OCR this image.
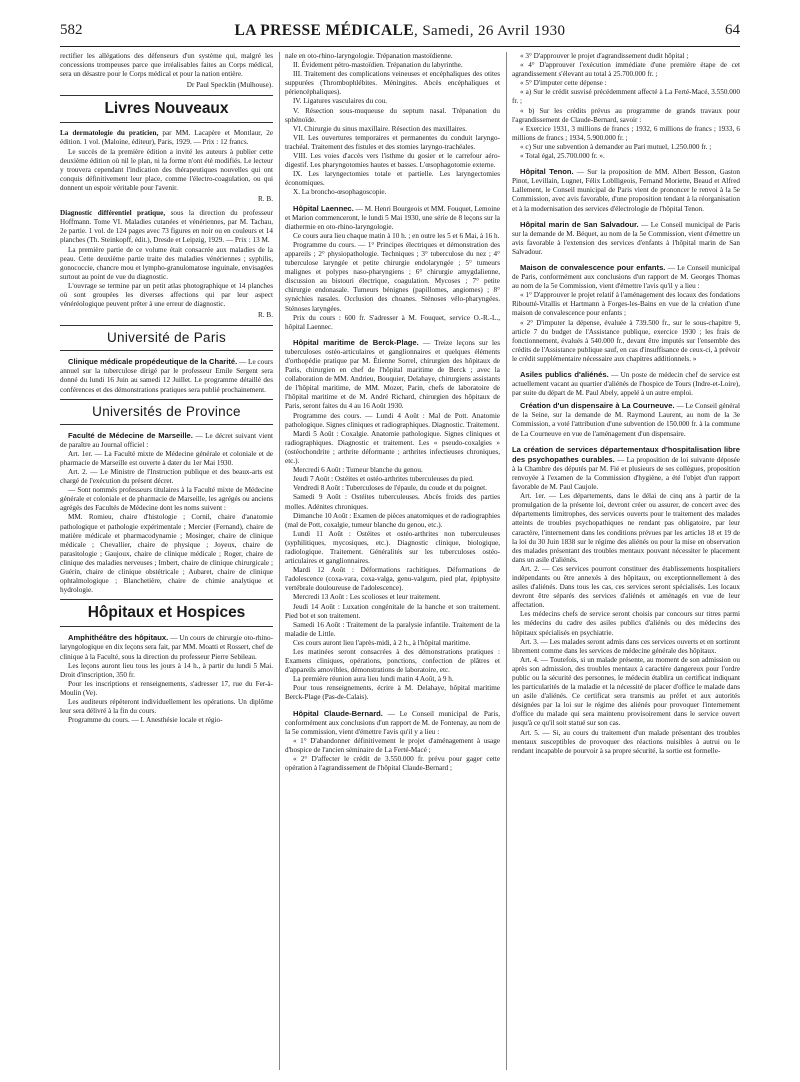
582	LA PRESSE MÉDICALE, Samedi, 26 Avril 1930	64

rectifier les allégations des défenseurs d'un système qui, malgré les concessions trompeuses parce que irréalisables faites au Corps médical, sera un désastre pour le Corps médical et pour la nation entière.

Dr Paul Specklin (Mulhouse).

Livres Nouveaux

La dermatologie du praticien, par MM. Lacapère et Montlaur, 2e édition. 1 vol. (Maloine, éditeur), Paris, 1929. — Prix : 12 francs.

Le succès de la première édition a invité les auteurs à publier cette deuxième édition où nil le plan, ni la forme n'ont été modifiés. Le lecteur y trouvera cependant l'indication des thérapeutiques nouvelles qui ont conquis définitivement leur place, comme l'électro-coagulation, ou qui donnent un espoir véritable pour l'avenir.

R. B.

Diagnostic différentiel pratique, sous la direction du professeur Hoffmann. Tome VI. Maladies cutanées et vénériennes, par M. Tachau, 2e partie. 1 vol. de 124 pages avec 73 figures en noir ou en couleurs et 14 planches (Th. Steinkopff, édit.), Dresde et Leipzig, 1929. — Prix : 13 M.

La première partie de ce volume était consacrée aux maladies de la peau. Cette deuxième partie traite des maladies vénériennes ; syphilis, gonococcie, chancre mou et lympho-granulomatose inguinale, envisagées surtout au point de vue du diagnostic.

L'ouvrage se termine par un petit atlas photographique et 14 planches où sont groupées les diverses affections qui par leur aspect vénéréologique peuvent prêter à une erreur de diagnostic.

R. B.

Université de Paris

Clinique médicale propédeutique de la Charité. — Le cours annuel sur la tuberculose dirigé par le professeur Emile Sergent sera donné du lundi 16 Juin au samedi 12 Juillet. Le programme détaillé des conférences et des démonstrations pratiques sera publié prochainement.

Universités de Province

Faculté de Médecine de Marseille. — Le décret suivant vient de paraître au Journal officiel :

Art. 1er. — La Faculté mixte de Médecine générale et coloniale et de pharmacie de Marseille est ouverte à dater du 1er Mai 1930.

Art. 2. — Le Ministre de l'Instruction publique et des beaux-arts est chargé de l'exécution du présent décret.

— Sont nommés professeurs titulaires à la Faculté mixte de Médecine générale et coloniale et de pharmacie de Marseille, les agrégés ou anciens agrégés des Facultés de Médecine dont les noms suivent :

MM. Romieu, chaire d'histologie ; Cornil, chaire d'anatomie pathologique et pathologie expérimentale ; Mercier (Fernand), chaire de matière médicale et pharmacodynamie ; Mosinger, chaire de clinique médicale ; Chevallier, chaire de physique ; Joyeux, chaire de parasitologie ; Gaujoux, chaire de clinique médicale ; Roger, chaire de clinique des maladies nerveuses ; Imbert, chaire de clinique chirurgicale ; Guérin, chaire de clinique obstétricale ; Aubaret, chaire de clinique ophtalmologique ; Blanchetière, chaire de chimie analytique et hydrologie.

Hôpitaux et Hospices

Amphithéâtre des hôpitaux. — Un cours de chirurgie oto-rhino-laryngologique en dix leçons sera fait, par MM. Moatti et Rossert, chef de clinique à la Faculté, sous la direction du professeur Pierre Sebileau.

Les leçons auront lieu tous les jours à 14 h., à partir du lundi 5 Mai. Droit d'inscription, 350 fr.

Pour les inscriptions et renseignements, s'adresser 17, rue du Fer-à-Moulin (Ve).

Les auditeurs répèteront individuellement les opérations. Un diplôme leur sera délivré à la fin du cours.

Programme du cours. — I. Anesthésie locale et régio-

nale en oto-rhino-laryngologie. Trépanation mastoïdienne.

II. Évidement pétro-mastoïdien. Trépanation du labyrinthe.

III. Traitement des complications veineuses et encéphaliques des otites suppurées (Thrombophlébites. Méningites. Abcès encéphaliques et périencéphaliques).

IV. Ligatures vasculaires du cou.

V. Résection sous-muqueuse du septum nasal. Trépanation du sphénoïde.

VI. Chirurgie du sinus maxillaire. Résection des maxillaires.

VII. Les ouvertures temporaires et permanentes du conduit laryngo-trachéal. Traitement des fistules et des stomies laryngo-trachéales.

VIII. Les voies d'accès vers l'isthme du gosier et le carrefour aéro-digestif. Les pharyngotomies hautes et basses. L'œsophagotomie externe.

IX. Les laryngectomies totale et partielle. Les laryngectomies économiques.

X. La broncho-œsophagoscopie.

Hôpital Laennec. — M. Henri Bourgeois et MM. Fouquet, Lemoine et Marion commenceront, le lundi 5 Mai 1930, une série de 8 leçons sur la diathermie en oto-rhino-laryngologie.

Ce cours aura lieu chaque matin à 10 h. ; en outre les 5 et 6 Mai, à 16 h.

Programme du cours. — 1° Principes électriques et démonstration des appareils ; 2° physiopathologie. Techniques ; 3° tuberculose du nez ; 4° tuberculose laryngée et petite chirurgie endolaryngée ; 5° tumeurs malignes et polypes naso-pharyngiens ; 6° chirurgie amygdalienne, discussion au bistouri électrique, coagulation. Mycoses ; 7° petite chirurgie endonasale. Tumeurs bénignes (papillomes, angiomes) ; 8° synéchies nasales. Occlusion des choanes. Sténoses vélo-pharyngées. Sténoses laryngées.

Prix du cours : 600 fr. S'adresser à M. Fouquet, service O.-R.-L., hôpital Laennec.

Hôpital maritime de Berck-Plage. — Treize leçons sur les tuberculoses ostéo-articulaires et ganglionnaires et quelques éléments d'orthopédie pratique par M. Étienne Sorrel, chirurgien des hôpitaux de Paris, chirurgien en chef de l'hôpital maritime de Berck ; avec la collaboration de MM. Andrieu, Bouquier, Delahaye, chirurgiens assistants de l'hôpital maritime, de MM. Mozer, Parin, chefs de laboratoire de l'hôpital maritime et de M. André Richard, chirurgien des hôpitaux de Paris, seront faites du 4 au 16 Août 1930.

Programme des cours. — Lundi 4 Août : Mal de Pott. Anatomie pathologique. Signes cliniques et radiographiques. Diagnostic. Traitement.

Mardi 5 Août : Coxalgie. Anatomie pathologique. Signes cliniques et radiographiques. Diagnostic et traitement. Les « pseudo-coxalgies » (ostéochondrite ; arthrite déformante ; arthrites infectieuses chroniques, etc.).

Mercredi 6 Août : Tumeur blanche du genou.

Jeudi 7 Août : Ostéites et ostéo-arthrites tuberculeuses du pied.

Vendredi 8 Août : Tuberculoses de l'épaule, du coude et du poignet.

Samedi 9 Août : Ostéites tuberculeuses. Abcès froids des parties molles. Adénites chroniques.

Dimanche 10 Août : Examen de pièces anatomiques et de radiographies (mal de Pott, coxalgie, tumeur blanche du genou, etc.).

Lundi 11 Août : Ostéites et ostéo-arthrites non tuberculeuses (syphilitiques, mycosiques, etc.). Diagnostic clinique, biologique, radiologique. Traitement. Généralités sur les tuberculoses ostéo-articulaires et ganglionnaires.

Mardi 12 Août : Déformations rachitiques. Déformations de l'adolescence (coxa-vara, coxa-valga, genu-valgum, pied plat, épiphysite vertébrale douloureuse de l'adolescence).

Mercredi 13 Août : Les scolioses et leur traitement.

Jeudi 14 Août : Luxation congénitale de la hanche et son traitement. Pied bot et son traitement.

Samedi 16 Août : Traitement de la paralysie infantile. Traitement de la maladie de Little.

Ces cours auront lieu l'après-midi, à 2 h., à l'hôpital maritime.

Les matinées seront consacrées à des démonstrations pratiques : Examens cliniques, opérations, ponctions, confection de plâtres et d'appareils amovibles, démonstrations de laboratoire, etc.

La première réunion aura lieu lundi matin 4 Août, à 9 h.

Pour tous renseignements, écrire à M. Delahaye, hôpital maritime Berck-Plage (Pas-de-Calais).

Hôpital Claude-Bernard. — Le Conseil municipal de Paris, conformément aux conclusions d'un rapport de M. de Fontenay, au nom de la 5e commission, vient d'émettre l'avis qu'il y a lieu :

« 1° D'abandonner définitivement le projet d'aménagement à usage d'hospice de l'ancien séminaire de La Ferté-Macé ;

« 2° D'affecter le crédit de 3.550.000 fr. prévu pour gager cette opération à l'agrandissement de l'hôpital Claude-Bernard ;

« 3° D'approuver le projet d'agrandissement dudit hôpital ;

« 4° D'approuver l'exécution immédiate d'une première étape de cet agrandissement s'élevant au total à 25.700.000 fr. ;

« 5° D'imputer cette dépense :

« a) Sur le crédit susvisé précédemment affecté à La Ferté-Macé, 3.550.000 fr. ;

« b) Sur les crédits prévus au programme de grands travaux pour l'agrandissement de Claude-Bernard, savoir :

« Exercice 1931, 3 millions de francs ; 1932, 6 millions de francs ; 1933, 6 millions de francs ; 1934, 5.900.000 fr. ;

« c) Sur une subvention à demander au Pari mutuel, 1.250.000 fr. ;

« Total égal, 25.700.000 fr. ».

Hôpital Tenon. — Sur la proposition de MM. Albert Besson, Gaston Pinot, Levillain, Lugnet, Félix Loblligeois, Fernand Moriette, Beaud et Alfred Lallement, le Conseil municipal de Paris vient de prononcer le renvoi à la 5e Commission, avec avis favorable, d'une proposition tendant à la réorganisation et à la modernisation des services d'électrologie de l'hôpital Tenon.

Hôpital marin de San Salvadour. — Le Conseil municipal de Paris sur la demande de M. Béquet, au nom de la 5e Commission, vient d'émettre un avis favorable à l'extension des services d'enfants à l'hôpital marin de San Salvadour.

Maison de convalescence pour enfants. — Le Conseil municipal de Paris, conformément aux conclusions d'un rapport de M. Georges Thomas au nom de la 5e Commission, vient d'émettre l'avis qu'il y a lieu :

« 1° D'approuver le projet relatif à l'aménagement des locaux des fondations Riboutté-Vitallis et Hartmann à Forges-les-Bains en vue de la création d'une maison de convalescence pour enfants ;

« 2° D'imputer la dépense, évaluée à 739.500 fr., sur le sous-chapitre 9, article 7 du budget de l'Assistance publique, exercice 1930 ; les frais de fonctionnement, évalués à 540.000 fr., devant être imputés sur l'ensemble des crédits de l'Assistance publique sauf, en cas d'insuffisance de ceux-ci, à prévoir le crédit supplémentaire nécessaire aux chapitres additionnels. »

Asiles publics d'aliénés. — Un poste de médecin chef de service est actuellement vacant au quartier d'aliénés de l'hospice de Tours (Indre-et-Loire), par suite du départ de M. Paul Abely, appelé à un autre emploi.

Création d'un dispensaire à La Courneuve. — Le Conseil général de la Seine, sur la demande de M. Raymond Laurent, au nom de la 3e Commission, a voté l'attribution d'une subvention de 150.000 fr. à la commune de La Courneuve en vue de l'aménagement d'un dispensaire.

La création de services départementaux d'hospitalisation libre des psychopathes curables. — La proposition de loi suivante déposée à la Chambre des députés par M. Fié et plusieurs de ses collègues, proposition renvoyée à l'examen de la Commission d'hygiène, a été l'objet d'un rapport favorable de M. Paul Caujole.

Art. 1er. — Les départements, dans le délai de cinq ans à partir de la promulgation de la présente loi, devront créer ou assurer, de concert avec des départements limitrophes, des services ouverts pour le traitement des malades atteints de troubles psychopathiques ne rendant pas obligatoire, par leur caractère, l'internement dans les conditions prévues par les articles 18 et 19 de la loi du 30 Juin 1838 sur le régime des aliénés ou pour la mise en observation des malades présentant des troubles mentaux pouvant nécessiter le placement dans un asile d'aliénés.

Art. 2. — Ces services pourront constituer des établissements hospitaliers indépendants ou être annexés à des hôpitaux, ou exceptionnellement à des asiles d'aliénés. Dans tous les cas, ces services seront spécialisés. Les locaux devront être séparés des services d'aliénés et aménagés en vue de leur affectation.

Les médecins chefs de service seront choisis par concours sur titres parmi les médecins du cadre des asiles publics d'aliénés ou des médecins des hôpitaux spécialisés en psychiatrie.

Art. 3. — Les malades seront admis dans ces services ouverts et en sortiront librement comme dans les services de médecine générale des hôpitaux.

Art. 4. — Toutefois, si un malade présente, au moment de son admission ou après son admission, des troubles mentaux à caractère dangereux pour l'ordre public ou la sécurité des personnes, le médecin établira un certificat indiquant les particularités de la maladie et la nécessité de placer d'office le malade dans un asile d'aliénés. Ce certificat sera transmis au préfet et aux autorités désignées par la loi sur le régime des aliénés pour provoquer l'internement d'office du malade qui sera maintenu provisoirement dans le service ouvert jusqu'à ce qu'il soit statué sur son cas.

Art. 5. — Si, au cours du traitement d'un malade présentant des troubles mentaux susceptibles de provoquer des réactions nuisibles à autrui ou le rendant incapable de pourvoir à sa propre sécurité, la sortie est formelle-
